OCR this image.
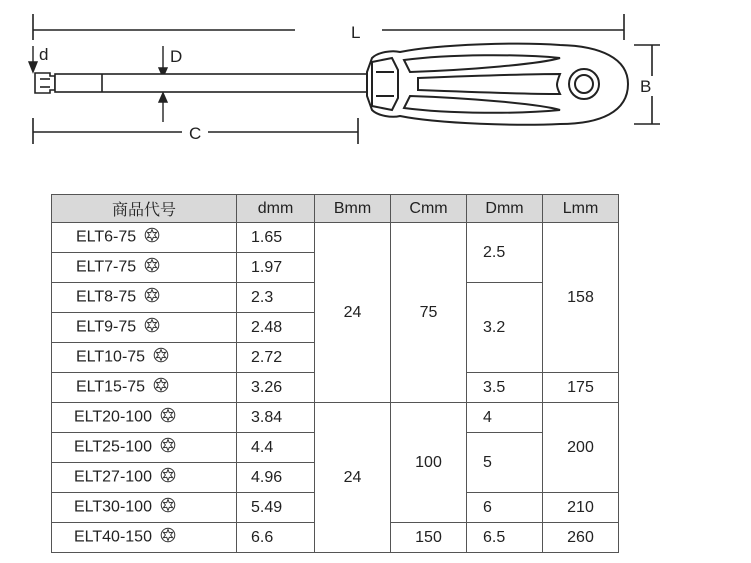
L
d	D
C
B

商品代号	dmm	Bmm	Cmm	Dmm	Lmm
ELT6-75	1.65	24	75	2.5	158
ELT7-75	1.97				
ELT8-75	2.3			3.2	
ELT9-75	2.48				
ELT10-75	2.72				
ELT15-75	3.26			3.5	175
ELT20-100	3.84	24	100	4	200
ELT25-100	4.4			5	
ELT27-100	4.96				
ELT30-100	5.49			6	210
ELT40-150	6.6		150	6.5	260
